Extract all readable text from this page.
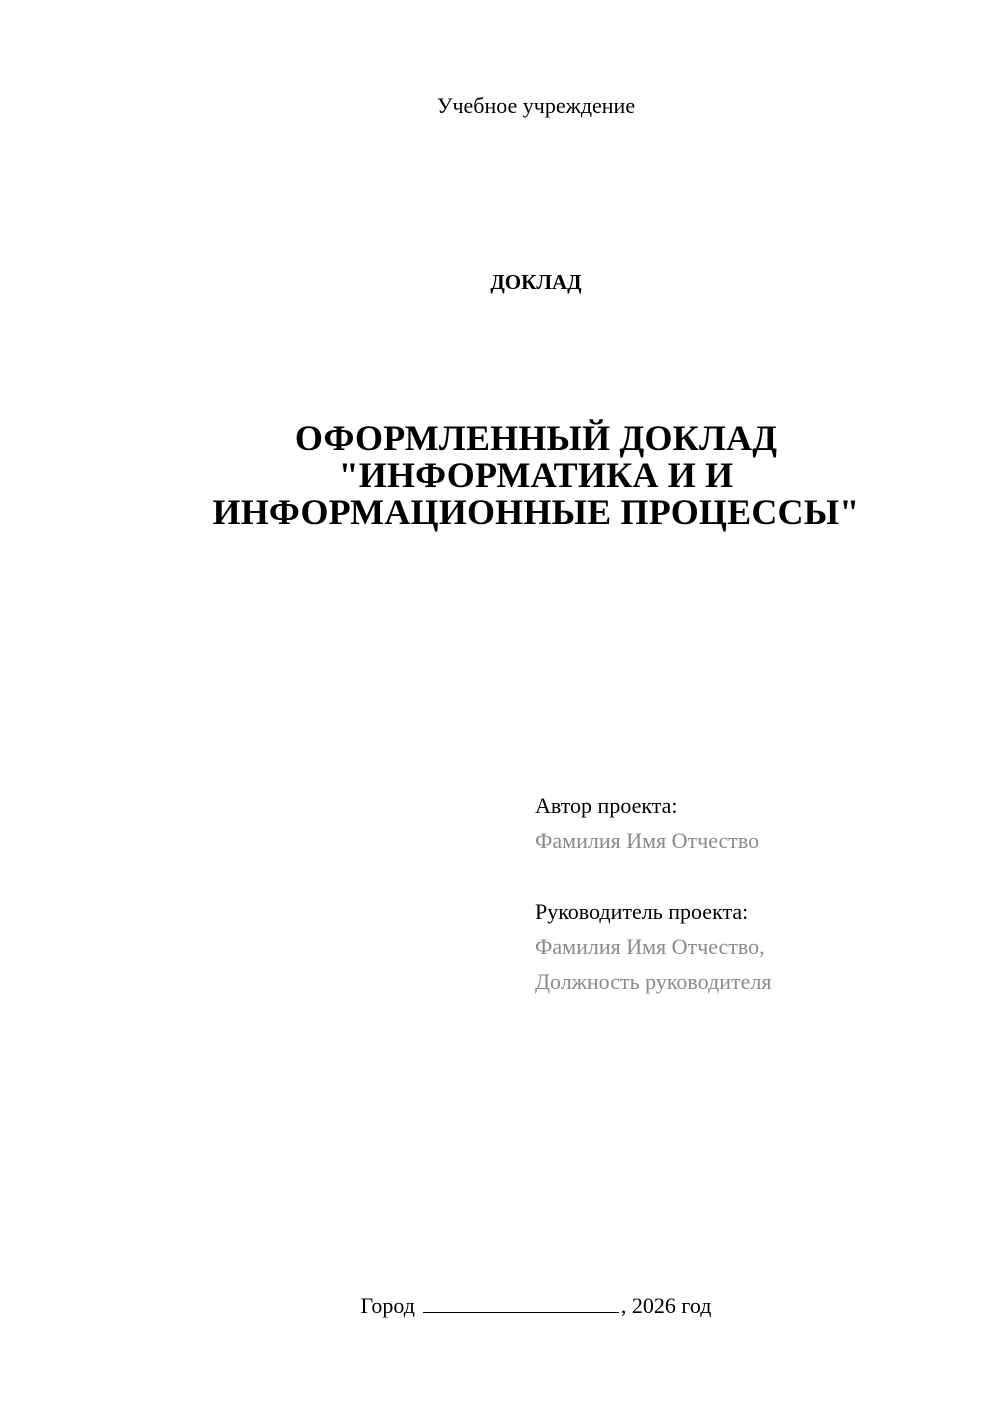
Учебное учреждение
ДОКЛАД
ОФОРМЛЕННЫЙ ДОКЛАД
"ИНФОРМАТИКА И И
ИНФОРМАЦИОННЫЕ ПРОЦЕССЫ"
Автор проекта:
Фамилия Имя Отчество
Руководитель проекта:
Фамилия Имя Отчество,
Должность руководителя
Город	, 2026 год
